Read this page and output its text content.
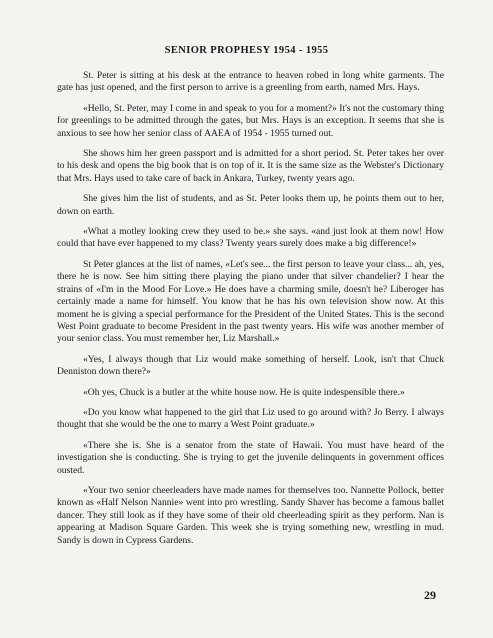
SENIOR PROPHESY 1954 - 1955

St. Peter is sitting at his desk at the entrance to heaven robed in long white garments. The gate has just opened, and the first person to arrive is a greenling from earth, named Mrs. Hays.

«Hello, St. Peter, may I come in and speak to you for a moment?» It's not the customary thing for greenlings to be admitted through the gates, but Mrs. Hays is an exception. It seems that she is anxious to see how her senior class of AAEA of 1954 - 1955 turned out.

She shows him her green passport and is admitted for a short period. St. Peter takes her over to his desk and opens the big book that is on top of it. It is the same size as the Webster's Dictionary that Mrs. Hays used to take care of back in Ankara, Turkey, twenty years ago.

She gives him the list of students, and as St. Peter looks them up, he points them out to her, down on earth.

«What a motley looking crew they used to be.» she says. «and just look at them now! How could that have ever happened to my class? Twenty years surely does make a big difference!»

St Peter glances at the list of names, «Let's see... the first person to leave your class... ah, yes, there he is now. See him sitting there playing the piano under that silver chandelier? I hear the strains of «I'm in the Mood For Love.» He does have a charming smile, doesn't he? Liberoger has certainly made a name for himself. You know that he has his own television show now. At this moment he is giving a special performance for the President of the United States. This is the second West Point graduate to become President in the past twenty years. His wife was another member of your senior class. You must remember her, Liz Marshall.»

«Yes, I always though that Liz would make something of herself. Look, isn't that Chuck Denniston down there?»

«Oh yes, Chuck is a butler at the white house now. He is quite indespensible there.»

«Do you know what happened to the girl that Liz used to go around with? Jo Berry. I always thought that she would be the one to marry a West Point graduate.»

«There she is. She is a senator from the state of Hawaii. You must have heard of the investigation she is conducting. She is trying to get the juvenile delinquents in government offices ousted.

«Your two senior cheerleaders have made names for themselves too. Nannette Pollock, better known as «Half Nelson Nannie» went into pro wrestling. Sandy Shaver has become a famous ballet dancer. They still look as if they have some of their old cheerleading spirit as they perform. Nan is appearing at Madison Square Garden. This week she is trying something new, wrestling in mud. Sandy is down in Cypress Gardens.

29
